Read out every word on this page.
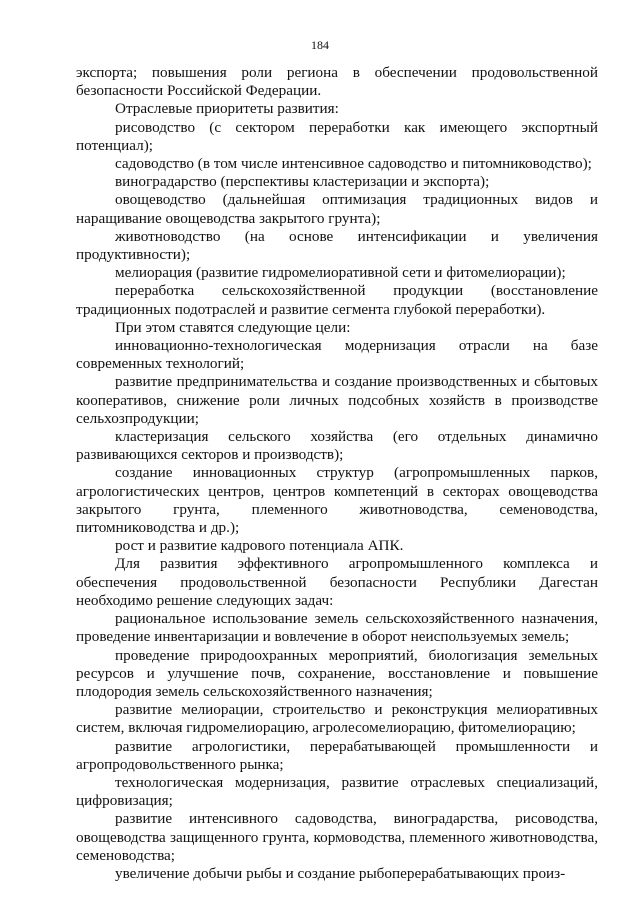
184

экспорта; повышения роли региона в обеспечении продовольственной безопасности Российской Федерации.

Отраслевые приоритеты развития:

рисоводство (с сектором переработки как имеющего экспортный потенциал);

садоводство (в том числе интенсивное садоводство и питомниководство);

виноградарство (перспективы кластеризации и экспорта);

овощеводство (дальнейшая оптимизация традиционных видов и наращивание овощеводства закрытого грунта);

животноводство (на основе интенсификации и увеличения продуктивности);

мелиорация (развитие гидромелиоративной сети и фитомелиорации);

переработка сельскохозяйственной продукции (восстановление традиционных подотраслей и развитие сегмента глубокой переработки).

При этом ставятся следующие цели:

инновационно-технологическая модернизация отрасли на базе современных технологий;

развитие предпринимательства и создание производственных и сбытовых кооперативов, снижение роли личных подсобных хозяйств в производстве сельхозпродукции;

кластеризация сельского хозяйства (его отдельных динамично развивающихся секторов и производств);

создание инновационных структур (агропромышленных парков, агрологистических центров, центров компетенций в секторах овощеводства закрытого грунта, племенного животноводства, семеноводства, питомниководства и др.);

рост и развитие кадрового потенциала АПК.

Для развития эффективного агропромышленного комплекса и обеспечения продовольственной безопасности Республики Дагестан необходимо решение следующих задач:

рациональное использование земель сельскохозяйственного назначения, проведение инвентаризации и вовлечение в оборот неиспользуемых земель;

проведение природоохранных мероприятий, биологизация земельных ресурсов и улучшение почв, сохранение, восстановление и повышение плодородия земель сельскохозяйственного назначения;

развитие мелиорации, строительство и реконструкция мелиоративных систем, включая гидромелиорацию, агролесомелиорацию, фитомелиорацию;

развитие агрологистики, перерабатывающей промышленности и агропродовольственного рынка;

технологическая модернизация, развитие отраслевых специализаций, цифровизация;

развитие интенсивного садоводства, виноградарства, рисоводства, овощеводства защищенного грунта, кормоводства, племенного животноводства, семеноводства;

увеличение добычи рыбы и создание рыбоперерабатывающих произ-
